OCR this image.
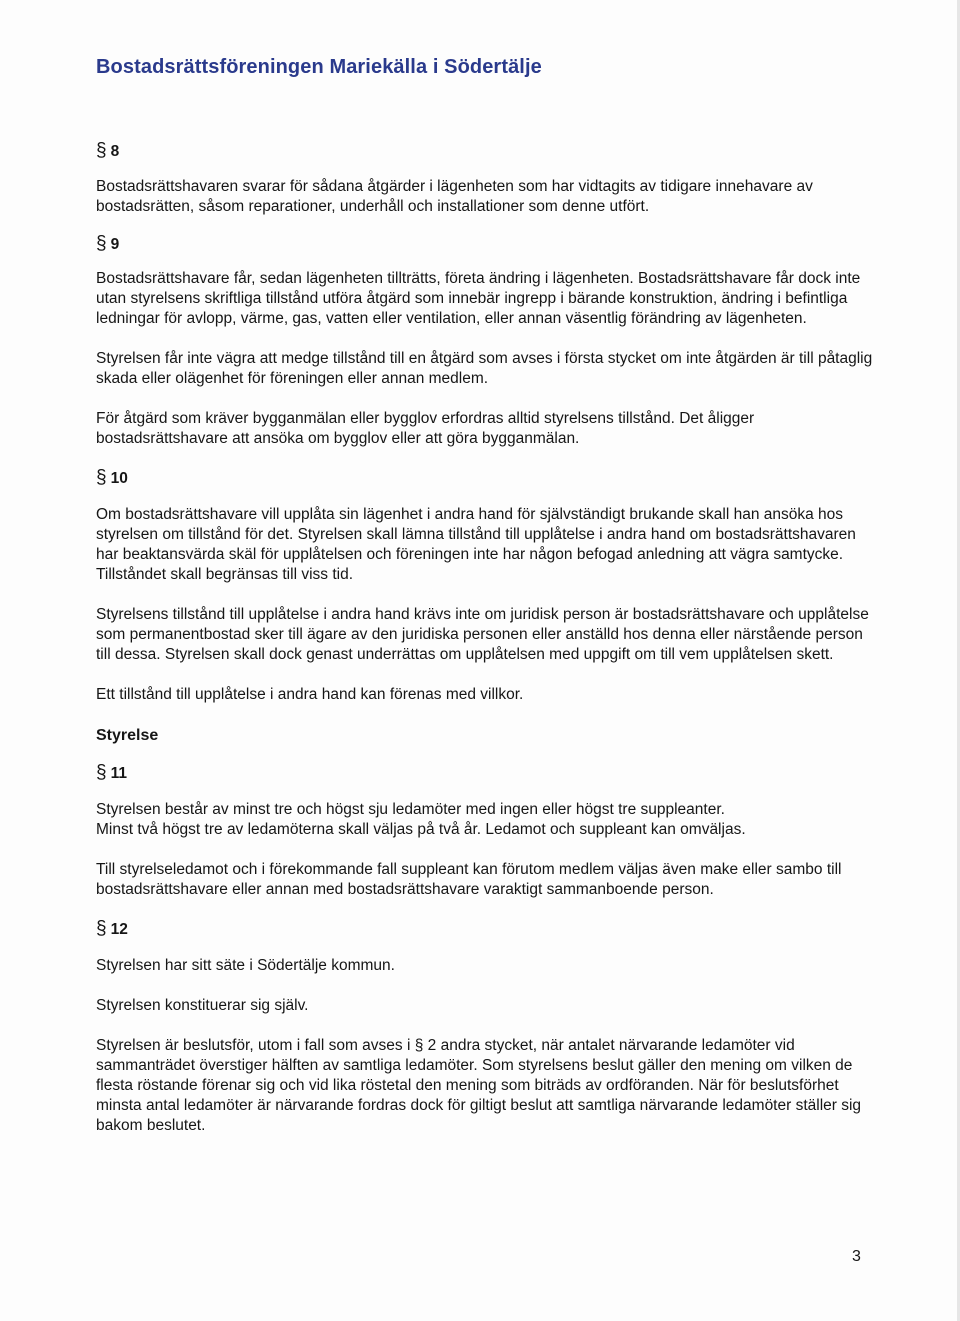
Bostadsrättsföreningen Mariekälla i Södertälje
§ 8

Bostadsrättshavaren svarar för sådana åtgärder i lägenheten som har vidtagits av tidigare innehavare av bostadsrätten, såsom reparationer, underhåll och installationer som denne utfört.

§ 9

Bostadsrättshavare får, sedan lägenheten tillträtts, företa ändring i lägenheten. Bostadsrättshavare får dock inte utan styrelsens skriftliga tillstånd utföra åtgärd som innebär ingrepp i bärande konstruktion, ändring i befintliga ledningar för avlopp, värme, gas, vatten eller ventilation, eller annan väsentlig förändring av lägenheten.

Styrelsen får inte vägra att medge tillstånd till en åtgärd som avses i första stycket om inte åtgärden är till påtaglig skada eller olägenhet för föreningen eller annan medlem.

För åtgärd som kräver bygganmälan eller bygglov erfordras alltid styrelsens tillstånd. Det åligger bostadsrättshavare att ansöka om bygglov eller att göra bygganmälan.

§ 10

Om bostadsrättshavare vill upplåta sin lägenhet i andra hand för självständigt brukande skall han ansöka hos styrelsen om tillstånd för det. Styrelsen skall lämna tillstånd till upplåtelse i andra hand om bostadsrättshavaren har beaktansvärda skäl för upplåtelsen och föreningen inte har någon befogad anledning att vägra samtycke. Tillståndet skall begränsas till viss tid.

Styrelsens tillstånd till upplåtelse i andra hand krävs inte om juridisk person är bostadsrättshavare och upplåtelse som permanentbostad sker till ägare av den juridiska personen eller anställd hos denna eller närstående person till dessa. Styrelsen skall dock genast underrättas om upplåtelsen med uppgift om till vem upplåtelsen skett.

Ett tillstånd till upplåtelse i andra hand kan förenas med villkor.

Styrelse

§ 11

Styrelsen består av minst tre och högst sju ledamöter med ingen eller högst tre suppleanter.
Minst två högst tre av ledamöterna skall väljas på två år. Ledamot och suppleant kan omväljas.

Till styrelseledamot och i förekommande fall suppleant kan förutom medlem väljas även make eller sambo till bostadsrättshavare eller annan med bostadsrättshavare varaktigt sammanboende person.

§ 12

Styrelsen har sitt säte i Södertälje kommun.

Styrelsen konstituerar sig själv.

Styrelsen är beslutsför, utom i fall som avses i § 2 andra stycket, när antalet närvarande ledamöter vid sammanträdet överstiger hälften av samtliga ledamöter. Som styrelsens beslut gäller den mening om vilken de flesta röstande förenar sig och vid lika röstetal den mening som biträds av ordföranden. När för beslutsförhet minsta antal ledamöter är närvarande fordras dock för giltigt beslut att samtliga närvarande ledamöter ställer sig bakom beslutet.

3
